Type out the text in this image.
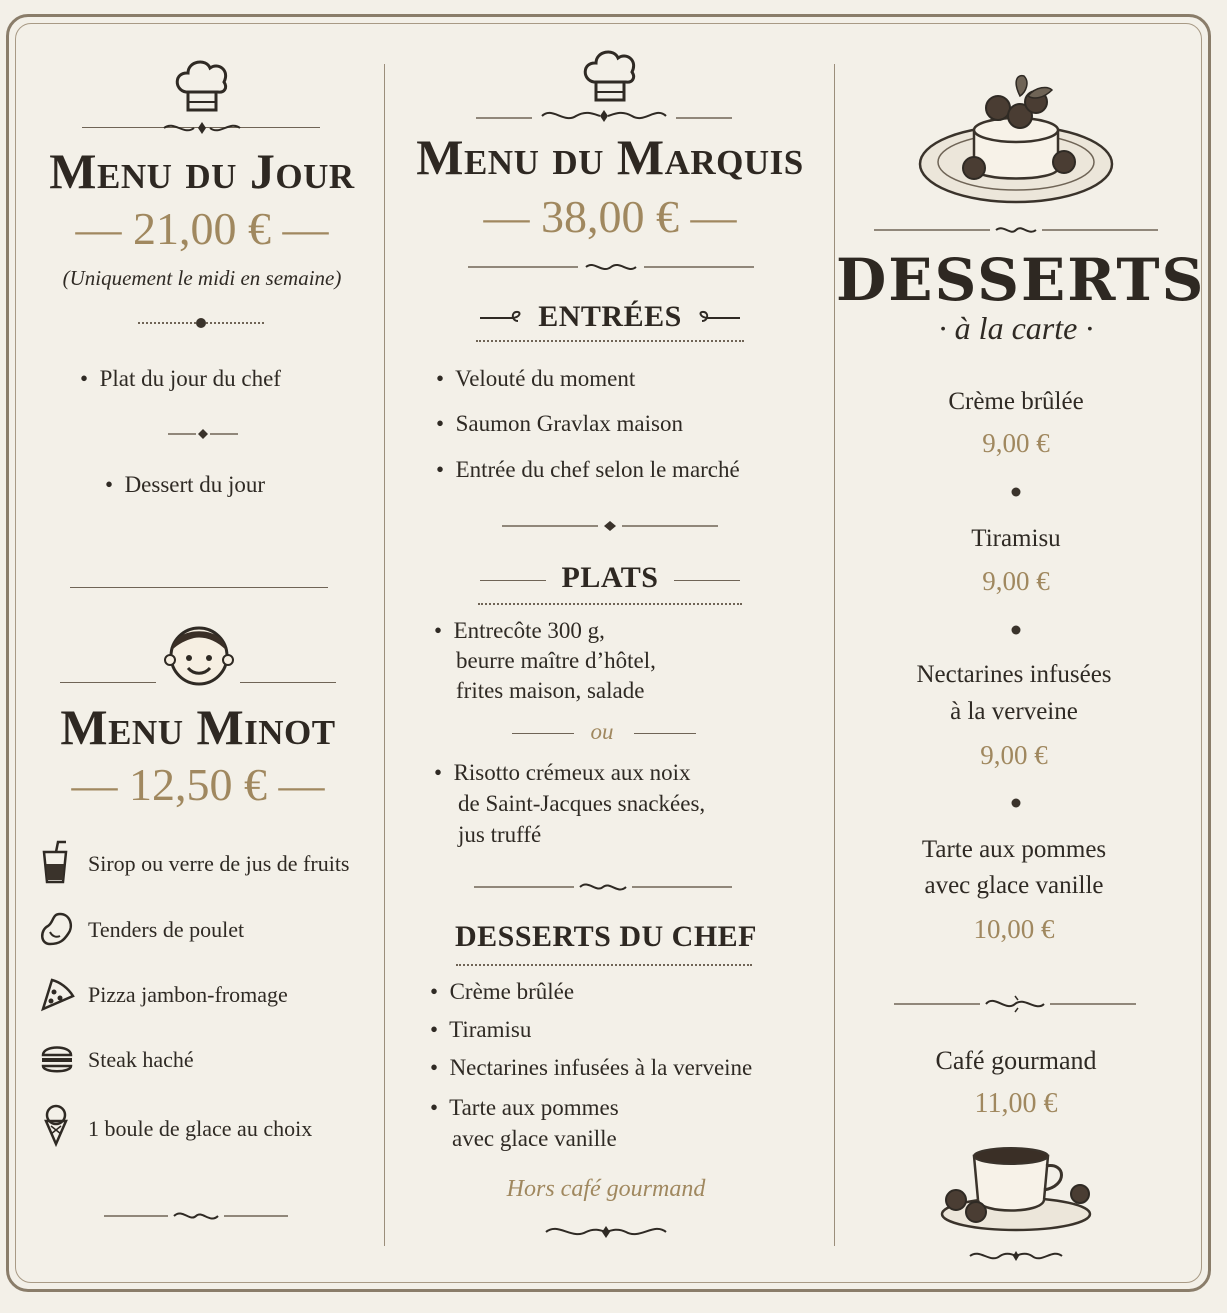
Menu du Jour
— 21,00 € —
(Uniquement le midi en semaine)
•  Plat du jour du chef
•  Dessert du jour
Menu Minot
— 12,50 € —
Sirop ou verre de jus de fruits
Tenders de poulet
Pizza jambon-fromage
Steak haché
1 boule de glace au choix
Menu du Marquis
— 38,00 € —
ENTRÉES
•  Velouté du moment
•  Saumon Gravlax maison
•  Entrée du chef selon le marché
PLATS
•  Entrecôte 300 g,
beurre maître d’hôtel,
frites maison, salade
ou
•  Risotto crémeux aux noix
de Saint-Jacques snackées,
jus truffé
DESSERTS DU CHEF
•  Crème brûlée
•  Tiramisu
•  Nectarines infusées à la verveine
•  Tarte aux pommes
avec glace vanille
Hors café gourmand
DESSERTS
· à la carte ·
Crème brûlée
9,00 €
Tiramisu
9,00 €
Nectarines infusées
à la verveine
9,00 €
Tarte aux pommes
avec glace vanille
10,00 €
Café gourmand
11,00 €
